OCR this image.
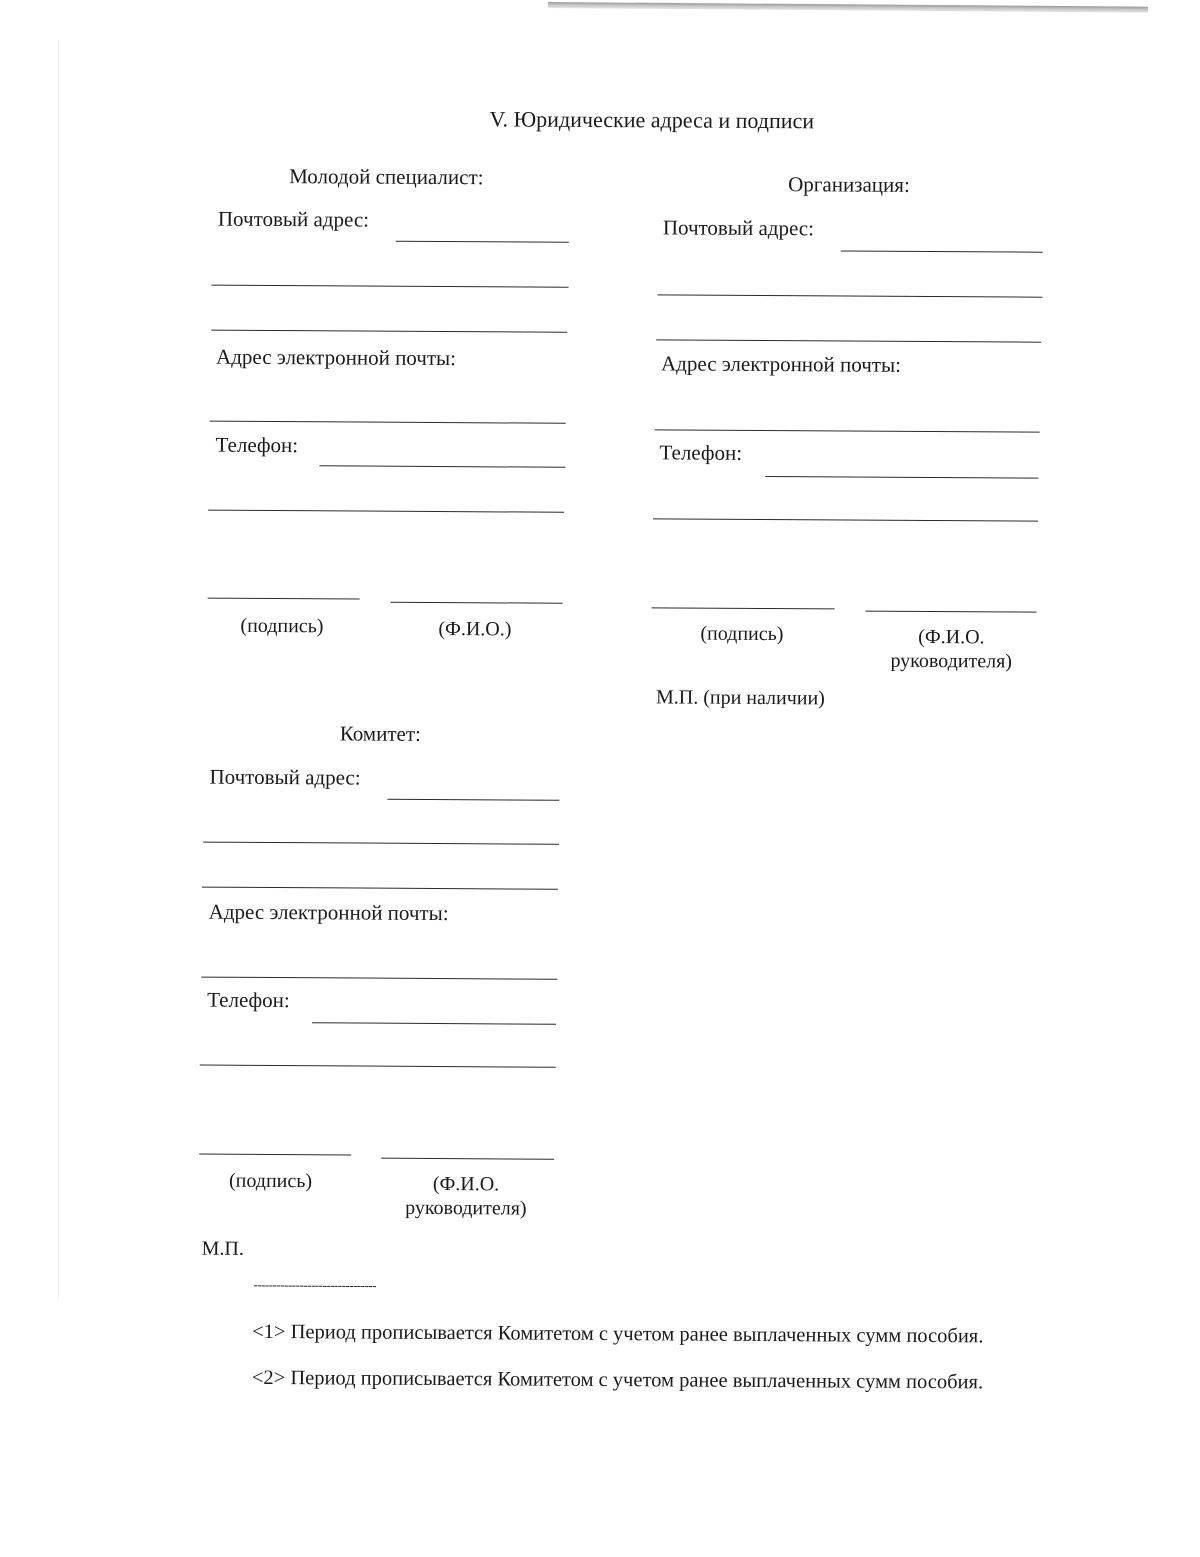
V. Юридические адреса и подписи
Молодой специалист:
Почтовый адрес:
Адрес электронной почты:
Телефон:
(подпись)	(Ф.И.О.)
Организация:
Почтовый адрес:
Адрес электронной почты:
Телефон:
(подпись)	(Ф.И.О.
руководителя)
М.П. (при наличии)
Комитет:
Почтовый адрес:
Адрес электронной почты:
Телефон:
(подпись)	(Ф.И.О.
руководителя)
М.П.
--------------------------------
<1> Период прописывается Комитетом с учетом ранее выплаченных сумм пособия.
<2> Период прописывается Комитетом с учетом ранее выплаченных сумм пособия.
